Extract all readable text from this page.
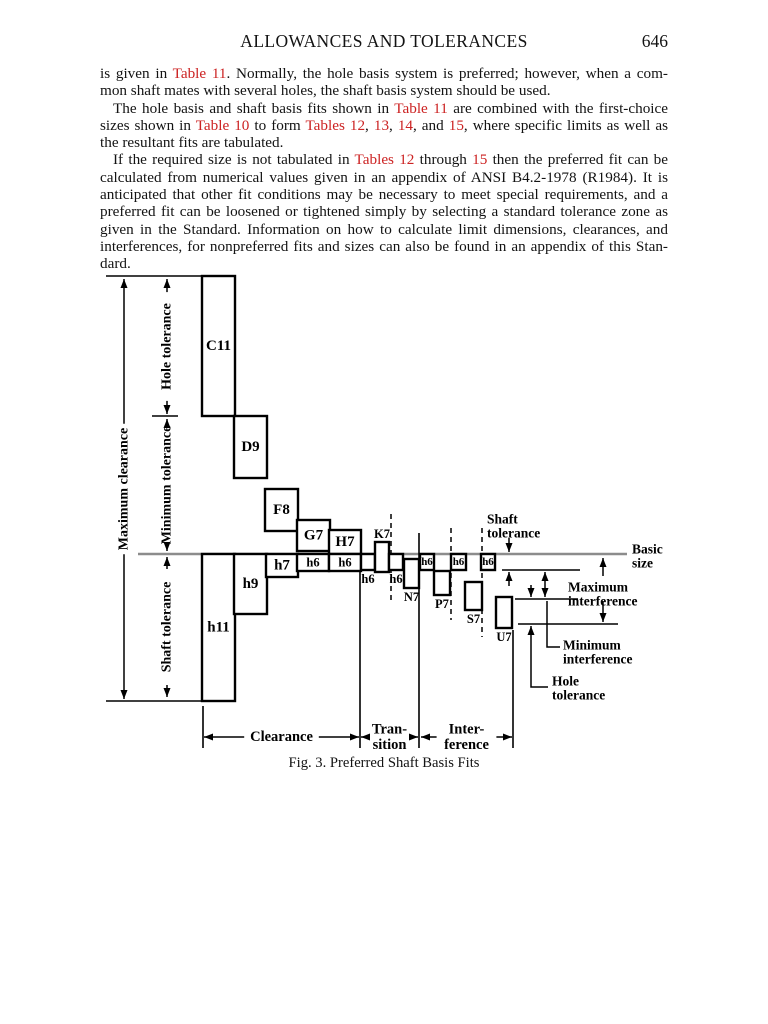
ALLOWANCES AND TOLERANCES	646
is given in Table 11. Normally, the hole basis system is preferred; however, when a com-
mon shaft mates with several holes, the shaft basis system should be used.
The hole basis and shaft basis fits shown in Table 11 are combined with the first-choice
sizes shown in Table 10 to form Tables 12, 13, 14, and 15, where specific limits as well as
the resultant fits are tabulated.
If the required size is not tabulated in Tables 12 through 15 then the preferred fit can be
calculated from numerical values given in an appendix of ANSI B4.2-1978 (R1984). It is
anticipated that other fit conditions may be necessary to meet special requirements, and a
preferred fit can be loosened or tightened simply by selecting a standard tolerance zone as
given in the Standard. Information on how to calculate limit dimensions, clearances, and
interferences, for nonpreferred fits and sizes can also be found in an appendix of this Stan-
dard.
C11
D9
F8
G7 H7
h11
h9
h7 h6 h6
h6
K7
h6
N7
h6
P7
h6
S7
h6
U7
Maximum clearance
Hole tolerance
Minimum tolerance
Shaft tolerance
Clearance	Tran-
sition
Inter-
ference
Shaft
tolerance
Basic
size
Maximum
interference
Minimum
interference
Hole
tolerance
Fig. 3. Preferred Shaft Basis Fits
